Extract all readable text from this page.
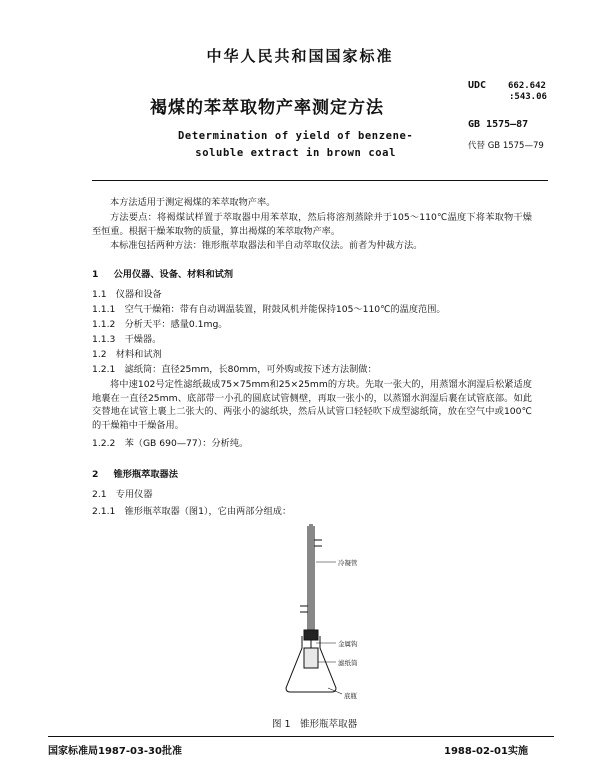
中华人民共和国国家标准
褐煤的苯萃取物产率测定方法
Determination of yield of benzene-
soluble extract in brown coal
UDC 662.642
:543.06
GB 1575—87
代替 GB 1575—79
本方法适用于测定褐煤的苯萃取物产率。
方法要点：将褐煤试样置于萃取器中用苯萃取，然后将溶剂蒸除并于105～110℃温度下将苯取物干燥至恒重。根据干燥苯取物的质量，算出褐煤的苯萃取物产率。
本标准包括两种方法：锥形瓶萃取器法和半自动萃取仪法。前者为仲裁方法。
1 公用仪器、设备、材料和试剂
1.1　仪器和设备
1.1.1　空气干燥箱：带有自动调温装置，附鼓风机并能保持105～110℃的温度范围。
1.1.2　分析天平：感量0.1mg。
1.1.3　干燥器。
1.2　材料和试剂
1.2.1　滤纸筒：直径25mm，长80mm，可外购或按下述方法制做：
将中速102号定性滤纸裁成75×75mm和25×25mm的方块。先取一张大的，用蒸馏水润湿后松紧适度地裹在一直径25mm、底部带一小孔的圆底试管侧壁，再取一张小的，以蒸馏水润湿后裹在试管底部。如此交替地在试管上裹上二张大的、两张小的滤纸块，然后从试管口轻轻吹下成型滤纸筒，放在空气中或100℃的干燥箱中干燥备用。
1.2.2　苯（GB 690—77）：分析纯。
2 锥形瓶萃取器法
2.1　专用仪器
2.1.1　锥形瓶萃取器（图1），它由两部分组成：
冷凝管
金属钩
滤纸筒
底瓶
图 1　锥形瓶萃取器
国家标准局1987-03-30批准	1988-02-01实施
